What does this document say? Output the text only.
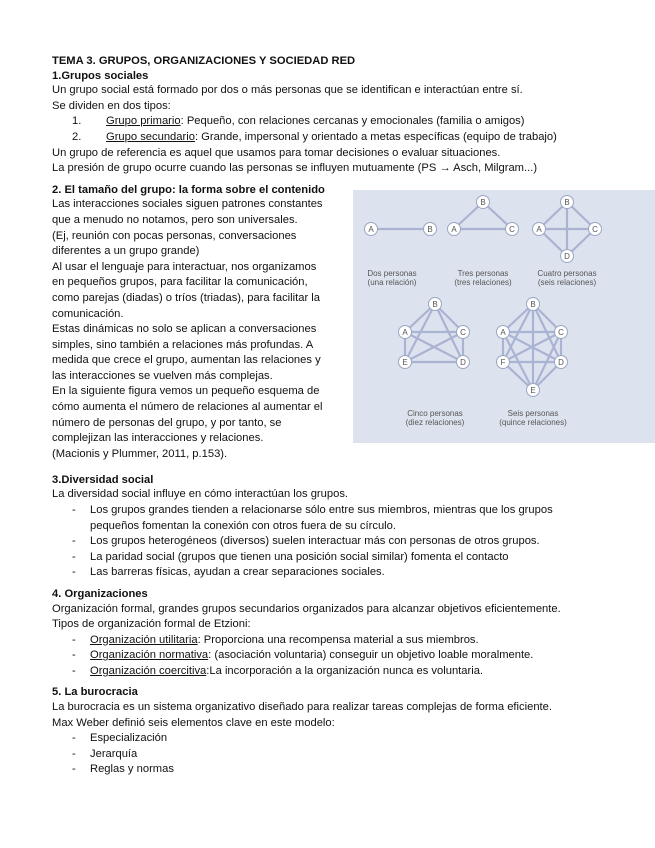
TEMA 3. GRUPOS, ORGANIZACIONES Y SOCIEDAD RED
1.Grupos sociales
Un grupo social está formado por dos o más personas que se identifican e interactúan entre sí.
Se dividen en dos tipos:
1. Grupo primario: Pequeño, con relaciones cercanas y emocionales (familia o amigos)
2. Grupo secundario: Grande, impersonal y orientado a metas específicas (equipo de trabajo)
Un grupo de referencia es aquel que usamos para tomar decisiones o evaluar situaciones.
La presión de grupo ocurre cuando las personas se influyen mutuamente (PS → Asch, Milgram...)
2. El tamaño del grupo: la forma sobre el contenido
Las interacciones sociales siguen patrones constantes
que a menudo no notamos, pero son universales.
(Ej, reunión con pocas personas, conversaciones
diferentes a un grupo grande)
Al usar el lenguaje para interactuar, nos organizamos
en pequeños grupos, para facilitar la comunicación,
como parejas (diadas) o tríos (triadas), para facilitar la
comunicación.
Estas dinámicas no solo se aplican a conversaciones
simples, sino también a relaciones más profundas. A
medida que crece el grupo, aumentan las relaciones y
las interacciones se vuelven más complejas.
En la siguiente figura vemos un pequeño esquema de
cómo aumenta el número de relaciones al aumentar el
número de personas del grupo, y por tanto, se
complejizan las interacciones y relaciones.
(Macionis y Plummer, 2011, p.153).
A	B
B
A	C
B
A	C
D
B
A	C
E	D
B
A	C
F	D
E
Dos personas
(una relación)
Tres personas
(tres relaciones)
Cuatro personas
(seis relaciones)
Cinco personas
(diez relaciones)
Seis personas
(quince relaciones)
3.Diversidad social
La diversidad social influye en cómo interactúan los grupos.
- Los grupos grandes tienden a relacionarse sólo entre sus miembros, mientras que los grupos
pequeños fomentan la conexión con otros fuera de su círculo.
- Los grupos heterogéneos (diversos) suelen interactuar más con personas de otros grupos.
- La paridad social (grupos que tienen una posición social similar) fomenta el contacto
- Las barreras físicas, ayudan a crear separaciones sociales.
4. Organizaciones
Organización formal, grandes grupos secundarios organizados para alcanzar objetivos eficientemente.
Tipos de organización formal de Etzioni:
- Organización utilitaria: Proporciona una recompensa material a sus miembros.
- Organización normativa: (asociación voluntaria) conseguir un objetivo loable moralmente.
- Organización coercitiva:La incorporación a la organización nunca es voluntaria.
5. La burocracia
La burocracia es un sistema organizativo diseñado para realizar tareas complejas de forma eficiente.
Max Weber definió seis elementos clave en este modelo:
- Especialización
- Jerarquía
- Reglas y normas
